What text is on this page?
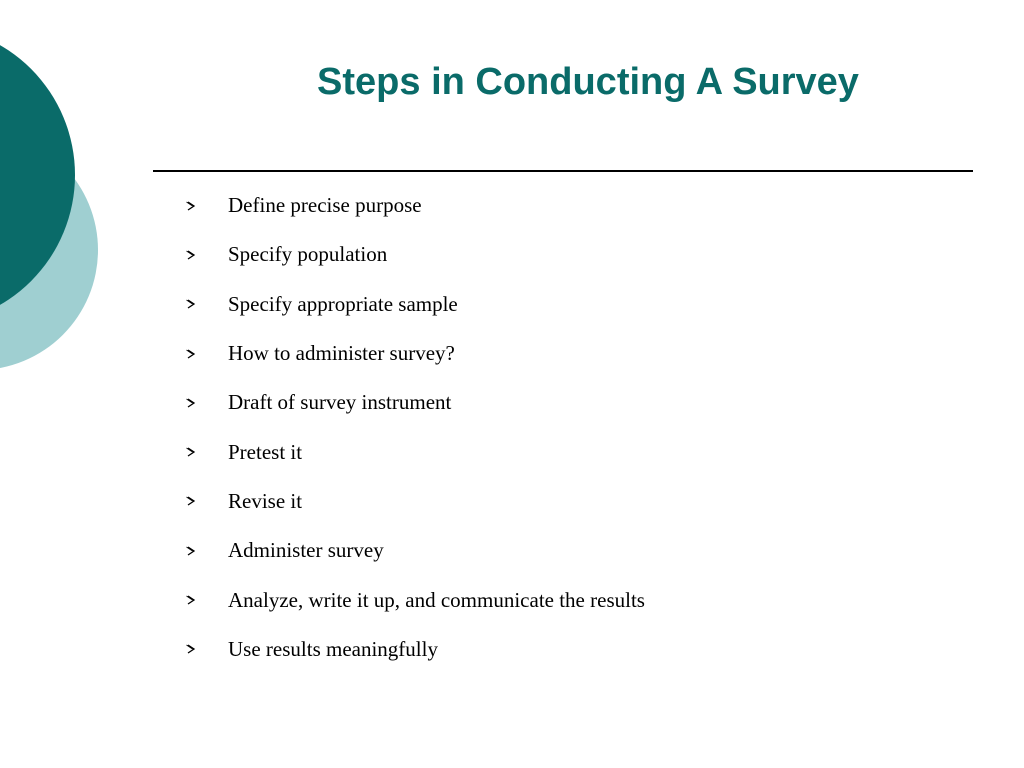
Steps in Conducting A Survey
Define precise purpose
Specify population
Specify appropriate sample
How to administer survey?
Draft of survey instrument
Pretest it
Revise it
Administer survey
Analyze, write it up, and communicate the results
Use results meaningfully
